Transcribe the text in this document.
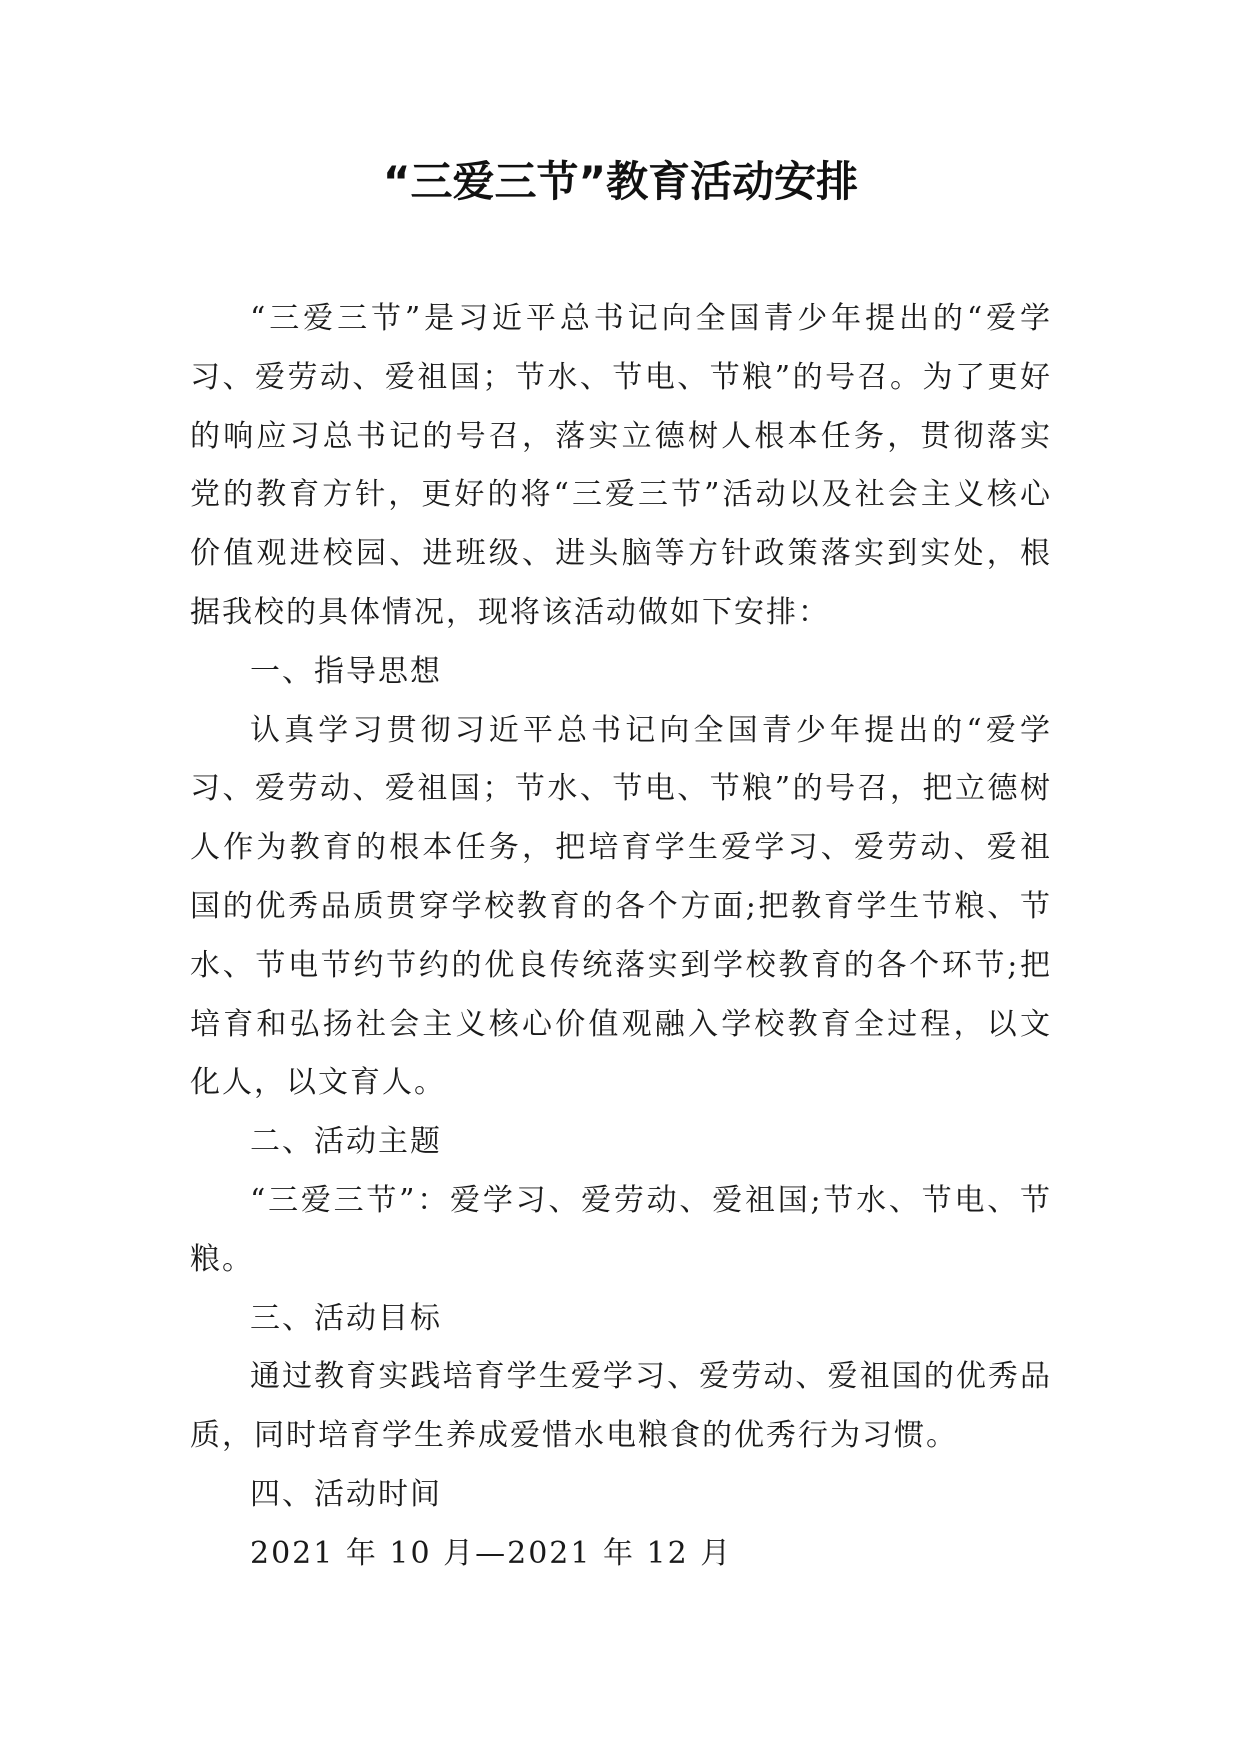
“三爱三节”教育活动安排

“三爱三节”是习近平总书记向全国青少年提出的“爱学习、爱劳动、爱祖国；节水、节电、节粮”的号召。为了更好的响应习总书记的号召，落实立德树人根本任务，贯彻落实党的教育方针，更好的将“三爱三节”活动以及社会主义核心价值观进校园、进班级、进头脑等方针政策落实到实处，根据我校的具体情况，现将该活动做如下安排：

一、指导思想

认真学习贯彻习近平总书记向全国青少年提出的“爱学习、爱劳动、爱祖国；节水、节电、节粮”的号召，把立德树人作为教育的根本任务，把培育学生爱学习、爱劳动、爱祖国的优秀品质贯穿学校教育的各个方面;把教育学生节粮、节水、节电节约节约的优良传统落实到学校教育的各个环节;把培育和弘扬社会主义核心价值观融入学校教育全过程，以文化人，以文育人。

二、活动主题

“三爱三节”：爱学习、爱劳动、爱祖国;节水、节电、节粮。

三、活动目标

通过教育实践培育学生爱学习、爱劳动、爱祖国的优秀品质，同时培育学生养成爱惜水电粮食的优秀行为习惯。

四、活动时间

2021 年 10 月—2021 年 12 月
